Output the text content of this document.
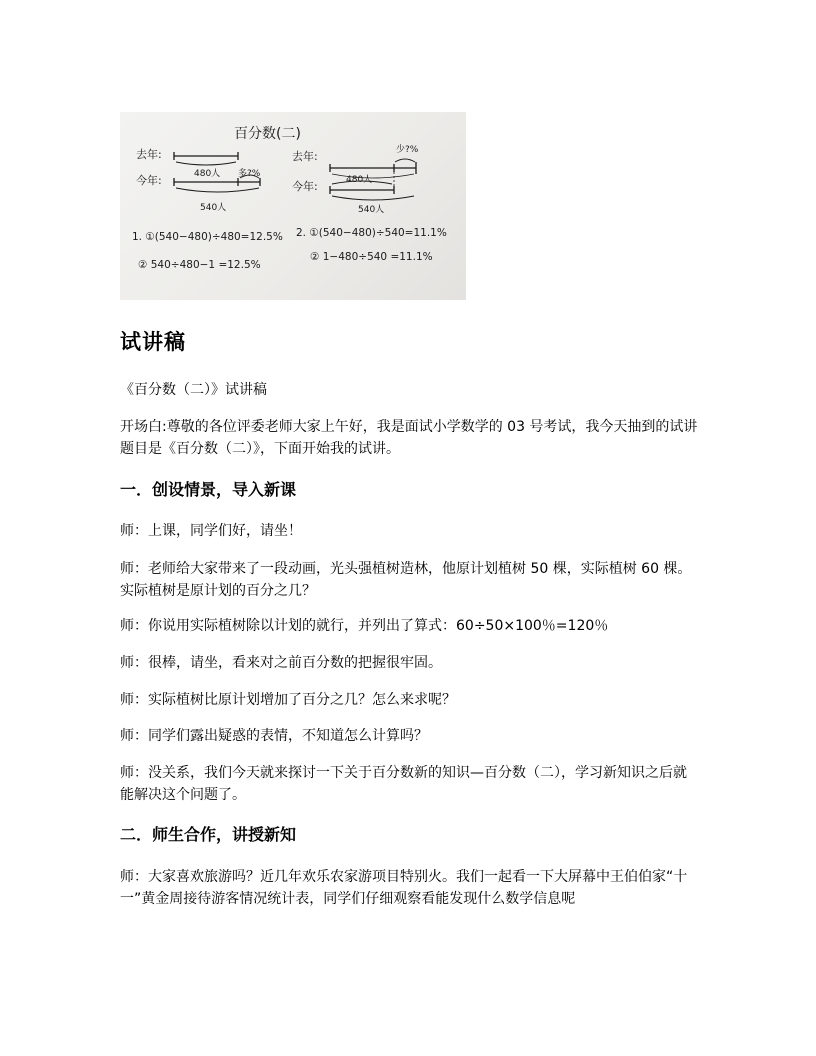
百分数(二)
去年:
480人
今年:	多?%
540人
去年:	少?%
今年:	480人
540人
1. ①(540−480)÷480=12.5%
② 540÷480−1 =12.5%
2. ①(540−480)÷540=11.1%
② 1−480÷540 =11.1%
试讲稿

《百分数（二）》试讲稿

开场白:尊敬的各位评委老师大家上午好，我是面试小学数学的 03 号考试，我今天抽到的试讲题目是《百分数（二）》，下面开始我的试讲。

一．创设情景，导入新课

师：上课，同学们好，请坐！

师：老师给大家带来了一段动画，光头强植树造林，他原计划植树 50 棵，实际植树 60 棵。实际植树是原计划的百分之几？

师：你说用实际植树除以计划的就行，并列出了算式：60÷50×100％=120％

师：很棒，请坐，看来对之前百分数的把握很牢固。

师：实际植树比原计划增加了百分之几？怎么来求呢？

师：同学们露出疑惑的表情，不知道怎么计算吗？

师：没关系，我们今天就来探讨一下关于百分数新的知识—百分数（二），学习新知识之后就能解决这个问题了。

二．师生合作，讲授新知

师：大家喜欢旅游吗？近几年欢乐农家游项目特别火。我们一起看一下大屏幕中王伯伯家“十一”黄金周接待游客情况统计表，同学们仔细观察看能发现什么数学信息呢
